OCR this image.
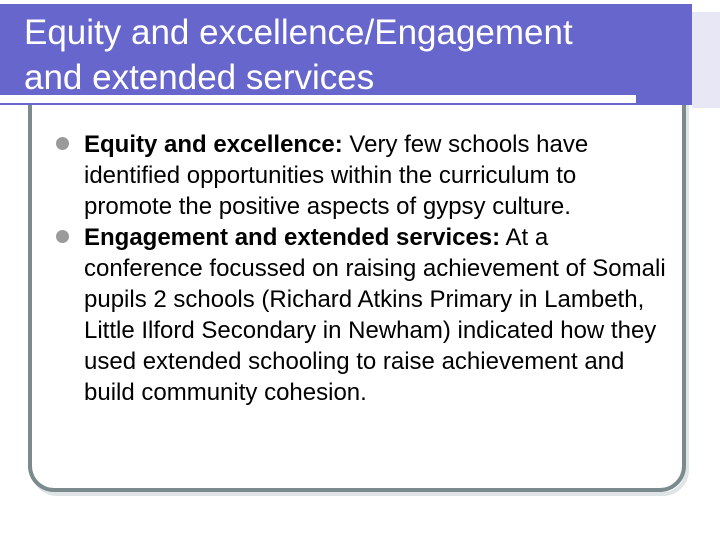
Equity and excellence/Engagement
and extended services
Equity and excellence: Very few schools have identified opportunities within the curriculum to promote the positive aspects of gypsy culture.
Engagement and extended services: At a conference focussed on raising achievement of Somali pupils 2 schools (Richard Atkins Primary in Lambeth, Little Ilford Secondary in Newham) indicated how they used extended schooling to raise achievement and build community cohesion.
